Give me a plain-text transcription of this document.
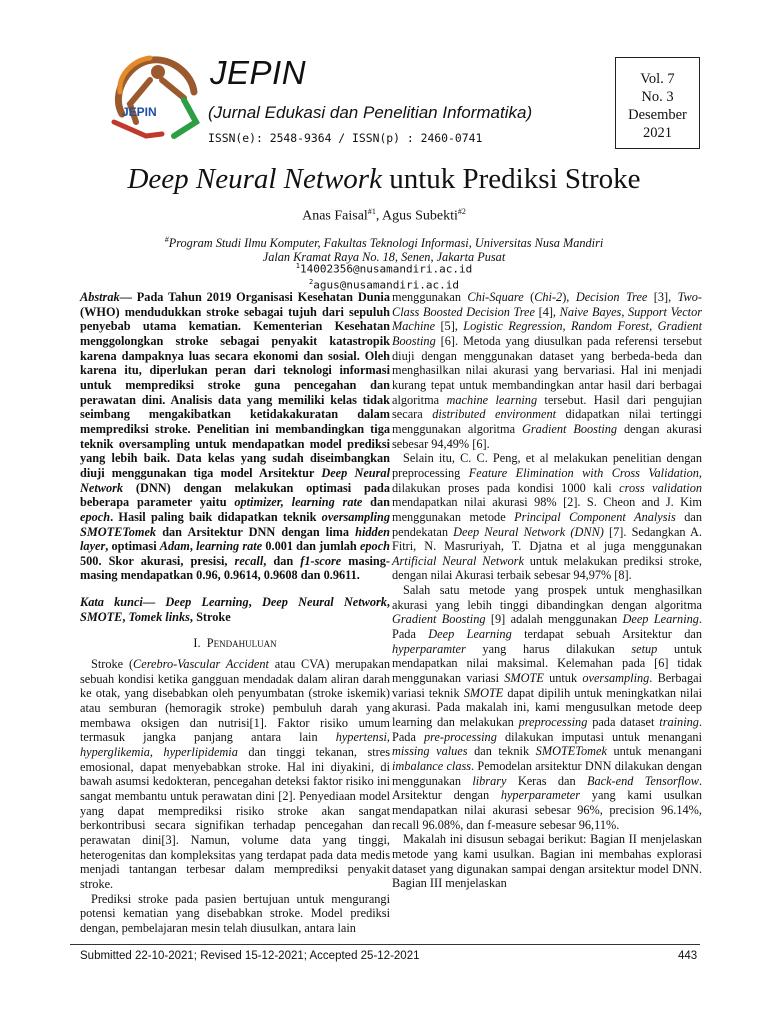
JEPIN
JEPIN
(Jurnal Edukasi dan Penelitian Informatika)
ISSN(e): 2548-9364 / ISSN(p) : 2460-0741
Vol. 7
No. 3
Desember
2021
Deep Neural Network untuk Prediksi Stroke
Anas Faisal$^{\#1}$, Agus Subekti$^{\#2}$
#Program Studi Ilmu Komputer, Fakultas Teknologi Informasi, Universitas Nusa Mandiri
Jalan Kramat Raya No. 18, Senen, Jakarta Pusat
$^1$14002356@nusamandiri.ac.id
$^2$agus@nusamandiri.ac.id

Abstrak— Pada Tahun 2019 Organisasi Kesehatan Dunia (WHO) mendudukkan stroke sebagai tujuh dari sepuluh penyebab utama kematian. Kementerian Kesehatan menggolongkan stroke sebagai penyakit katastropik karena dampaknya luas secara ekonomi dan sosial. Oleh karena itu, diperlukan peran dari teknologi informasi untuk memprediksi stroke guna pencegahan dan perawatan dini. Analisis data yang memiliki kelas tidak seimbang mengakibatkan ketidakakuratan dalam memprediksi stroke. Penelitian ini membandingkan tiga teknik oversampling untuk mendapatkan model prediksi yang lebih baik. Data kelas yang sudah diseimbangkan diuji menggunakan tiga model Arsitektur Deep Neural Network (DNN) dengan melakukan optimasi pada beberapa parameter yaitu optimizer, learning rate dan epoch. Hasil paling baik didapatkan teknik oversampling SMOTETomek dan Arsitektur DNN dengan lima hidden layer, optimasi Adam, learning rate 0.001 dan jumlah epoch 500. Skor akurasi, presisi, recall, dan f1-score masing-masing mendapatkan 0.96, 0.9614, 0.9608 dan 0.9611.

Kata kunci— Deep Learning, Deep Neural Network, SMOTE, Tomek links, Stroke

I. Pendahuluan

Stroke (Cerebro-Vascular Accident atau CVA) merupakan sebuah kondisi ketika gangguan mendadak dalam aliran darah ke otak, yang disebabkan oleh penyumbatan (stroke iskemik) atau semburan (hemoragik stroke) pembuluh darah yang membawa oksigen dan nutrisi[1]. Faktor risiko umum termasuk jangka panjang antara lain hypertensi, hyperglikemia, hyperlipidemia dan tinggi tekanan, stres emosional, dapat menyebabkan stroke. Hal ini diyakini, di bawah asumsi kedokteran, pencegahan deteksi faktor risiko ini sangat membantu untuk perawatan dini [2]. Penyediaan model yang dapat memprediksi risiko stroke akan sangat berkontribusi secara signifikan terhadap pencegahan dan perawatan dini[3]. Namun, volume data yang tinggi, heterogenitas dan kompleksitas yang terdapat pada data medis menjadi tantangan terbesar dalam memprediksi penyakit stroke.

Prediksi stroke pada pasien bertujuan untuk mengurangi potensi kematian yang disebabkan stroke. Model prediksi dengan, pembelajaran mesin telah diusulkan, antara lain

menggunakan Chi-Square (Chi-2), Decision Tree [3], Two-Class Boosted Decision Tree [4], Naive Bayes, Support Vector Machine [5], Logistic Regression, Random Forest, Gradient Boosting [6]. Metoda yang diusulkan pada referensi tersebut diuji dengan menggunakan dataset yang berbeda-beda dan menghasilkan nilai akurasi yang bervariasi. Hal ini menjadi kurang tepat untuk membandingkan antar hasil dari berbagai algoritma machine learning tersebut. Hasil dari pengujian secara distributed environment didapatkan nilai tertinggi menggunakan algoritma Gradient Boosting dengan akurasi sebesar 94,49% [6].

Selain itu, C. C. Peng, et al melakukan penelitian dengan preprocessing Feature Elimination with Cross Validation, dilakukan proses pada kondisi 1000 kali cross validation mendapatkan nilai akurasi 98% [2]. S. Cheon and J. Kim menggunakan metode Principal Component Analysis dan pendekatan Deep Neural Network (DNN) [7]. Sedangkan A. Fitri, N. Masruriyah, T. Djatna et al juga menggunakan Artificial Neural Network untuk melakukan prediksi stroke, dengan nilai Akurasi terbaik sebesar 94,97% [8].

Salah satu metode yang prospek untuk menghasilkan akurasi yang lebih tinggi dibandingkan dengan algoritma Gradient Boosting [9] adalah menggunakan Deep Learning. Pada Deep Learning terdapat sebuah Arsitektur dan hyperparamter yang harus dilakukan setup untuk mendapatkan nilai maksimal. Kelemahan pada [6] tidak menggunakan variasi SMOTE untuk oversampling. Berbagai variasi teknik SMOTE dapat dipilih untuk meningkatkan nilai akurasi. Pada makalah ini, kami mengusulkan metode deep learning dan melakukan preprocessing pada dataset training. Pada pre-processing dilakukan imputasi untuk menangani missing values dan teknik SMOTETomek untuk menangani imbalance class. Pemodelan arsitektur DNN dilakukan dengan menggunakan library Keras dan Back-end Tensorflow. Arsitektur dengan hyperparameter yang kami usulkan mendapatkan nilai akurasi sebesar 96%, precision 96.14%, recall 96.08%, dan f-measure sebesar 96,11%.

Makalah ini disusun sebagai berikut: Bagian II menjelaskan metode yang kami usulkan. Bagian ini membahas explorasi dataset yang digunakan sampai dengan arsitektur model DNN. Bagian III menjelaskan

Submitted 22-10-2021; Revised 15-12-2021; Accepted 25-12-2021	443
